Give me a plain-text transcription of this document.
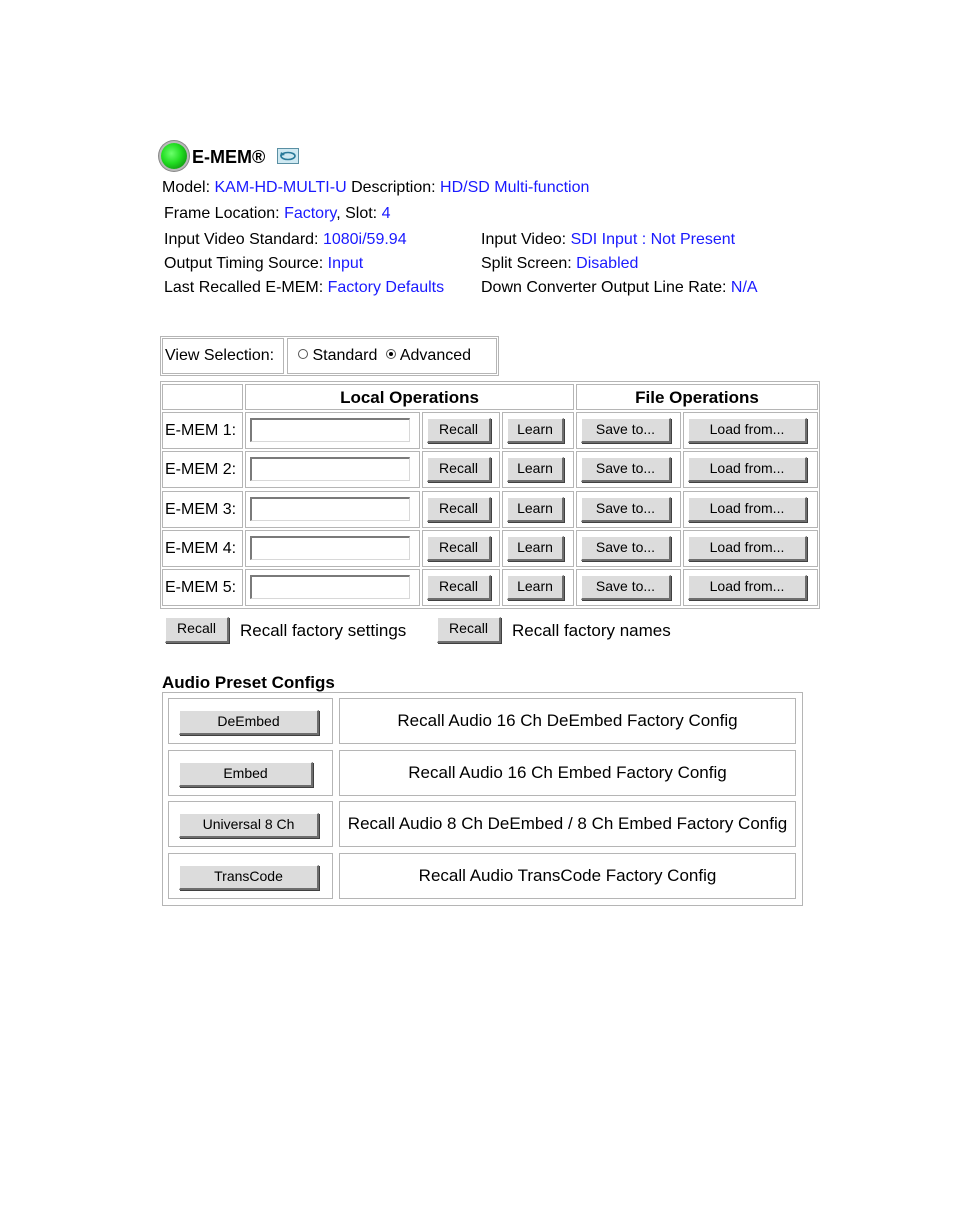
E-MEM®
Model: KAM-HD-MULTI-U Description: HD/SD Multi-function
Frame Location: Factory, Slot: 4
Input Video Standard: 1080i/59.94
Output Timing Source: Input
Last Recalled E-MEM: Factory Defaults
Input Video: SDI Input : Not Present
Split Screen: Disabled
Down Converter Output Line Rate: N/A
View Selection:	Standard Advanced
Local Operations	File Operations
E-MEM 1:	Recall	Learn	Save to...	Load from...
E-MEM 2:	Recall	Learn	Save to...	Load from...
E-MEM 3:	Recall	Learn	Save to...	Load from...
E-MEM 4:	Recall	Learn	Save to...	Load from...
E-MEM 5:	Recall	Learn	Save to...	Load from...
Recall	Recall factory settings	Recall	Recall factory names
Audio Preset Configs
DeEmbed	Recall Audio 16 Ch DeEmbed Factory Config
Embed	Recall Audio 16 Ch Embed Factory Config
Universal 8 Ch	Recall Audio 8 Ch DeEmbed / 8 Ch Embed Factory Config
TransCode	Recall Audio TransCode Factory Config
